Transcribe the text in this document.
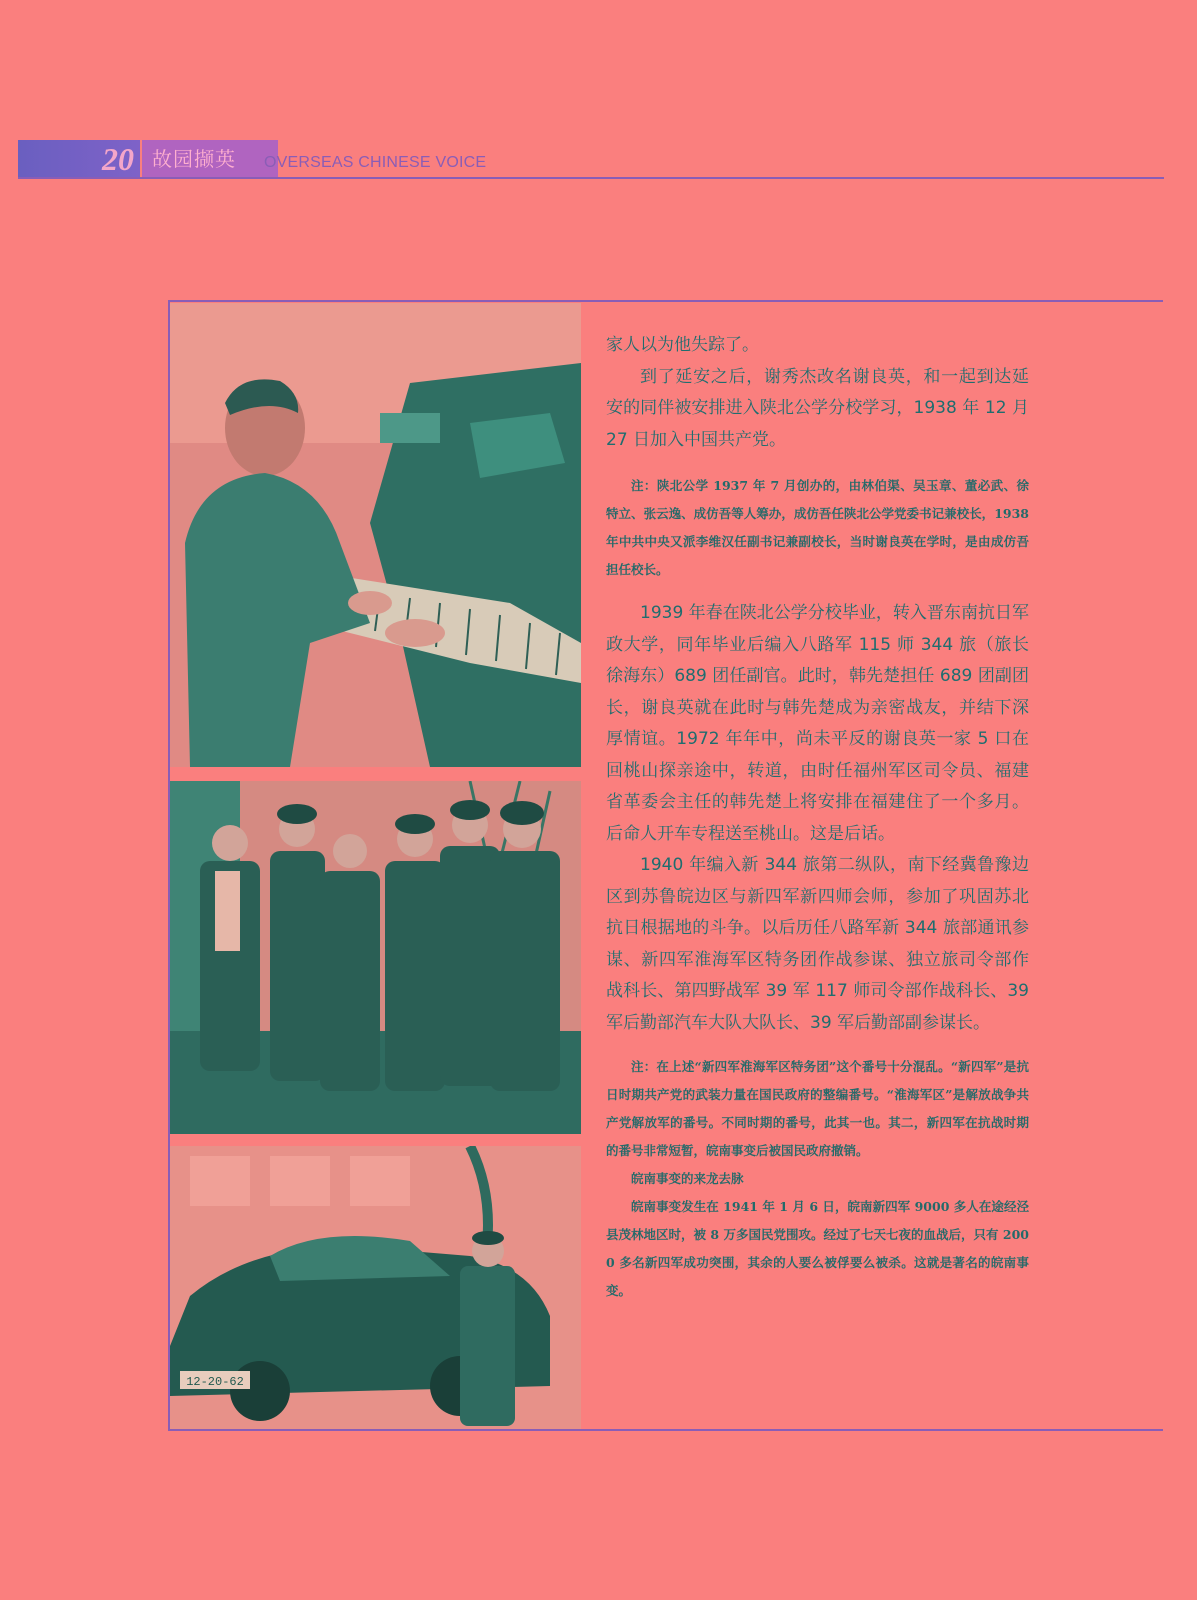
20 故园撷英 OVERSEAS CHINESE VOICE
12-20-62

家人以为他失踪了。

到了延安之后，谢秀杰改名谢良英，和一起到达延安的同伴被安排进入陕北公学分校学习，1938 年 12 月 27 日加入中国共产党。

注：陕北公学 1937 年 7 月创办的，由林伯渠、吴玉章、董必武、徐特立、张云逸、成仿吾等人筹办，成仿吾任陕北公学党委书记兼校长，1938 年中共中央又派李维汉任副书记兼副校长，当时谢良英在学时，是由成仿吾担任校长。

1939 年春在陕北公学分校毕业，转入晋东南抗日军政大学，同年毕业后编入八路军 115 师 344 旅（旅长徐海东）689 团任副官。此时，韩先楚担任 689 团副团长，谢良英就在此时与韩先楚成为亲密战友，并结下深厚情谊。1972 年年中，尚未平反的谢良英一家 5 口在回桃山探亲途中，转道，由时任福州军区司令员、福建省革委会主任的韩先楚上将安排在福建住了一个多月。后命人开车专程送至桃山。这是后话。

1940 年编入新 344 旅第二纵队，南下经冀鲁豫边区到苏鲁皖边区与新四军新四师会师，参加了巩固苏北抗日根据地的斗争。以后历任八路军新 344 旅部通讯参谋、新四军淮海军区特务团作战参谋、独立旅司令部作战科长、第四野战军 39 军 117 师司令部作战科长、39 军后勤部汽车大队大队长、39 军后勤部副参谋长。

注：在上述“新四军淮海军区特务团”这个番号十分混乱。“新四军”是抗日时期共产党的武装力量在国民政府的整编番号。“淮海军区”是解放战争共产党解放军的番号。不同时期的番号，此其一也。其二，新四军在抗战时期的番号非常短暂，皖南事变后被国民政府撤销。

皖南事变的来龙去脉

皖南事变发生在 1941 年 1 月 6 日，皖南新四军 9000 多人在途经泾县茂林地区时，被 8 万多国民党围攻。经过了七天七夜的血战后，只有 2000 多名新四军成功突围，其余的人要么被俘要么被杀。这就是著名的皖南事变。
